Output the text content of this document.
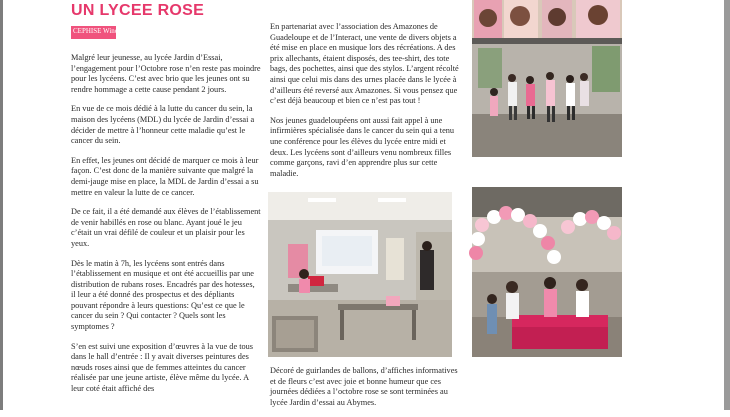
UN LYCEE ROSE
CEPHISE Winona

Malgré leur jeunesse, au lycée Jardin d’Essai, l’engagement pour l’Octobre rose n’en reste pas moindre pour les lycéens. C’est avec brio que les jeunes ont su rendre hommage a cette cause pendant 2 jours.

En vue de ce mois dédié à la lutte du cancer du sein, la maison des lycéens (MDL) du lycée de Jardin d’essai a décider de mettre à l’honneur cette maladie qu’est le cancer du sein.

En effet, les jeunes ont décidé de marquer ce mois à leur façon. C’est donc de la manière suivante que malgré la demi-jauge mise en place, la MDL de Jardin d’essai a su mettre en valeur la lutte de ce cancer.

De ce fait, il a été demandé aux élèves de l’établissement de venir habillés en rose ou blanc. Ayant joué le jeu c’était un vrai défilé de couleur et un plaisir pour les yeux.

Dès le matin à 7h, les lycéens sont entrés dans l’établissement en musique et ont été accueillis par une distribution de rubans roses. Encadrés par des hotesses, il leur a été donné des prospectus et des dépliants pouvant répondre à leurs questions: Qu’est ce que le cancer du sein ? Qui contacter ? Quels sont les symptomes ?

S’en est suivi une exposition d’œuvres à la vue de tous dans le hall d’entrée : Il y avait diverses peintures des nœuds roses ainsi que de femmes atteintes du cancer réalisée par une jeune artiste, élève même du lycée. A leur coté était affiché des

En partenariat avec l’association des Amazones de Guadeloupe et de l’Interact, une vente de divers objets a été mise en place en musique lors des récréations. A des prix allechants, étaient disposés, des tee-shirt, des tote bags, des pochettes, ainsi que des stylos. L’argent récolté ainsi que celui mis dans des urnes placée dans le lycée à d’ailleurs été reversé aux Amazones. Si vous pensez que c’est déjà beaucoup et bien ce n’est pas tout !

Nos jeunes guadeloupéens ont aussi fait appel à une infirmières spécialisée dans le cancer du sein qui a tenu une conférence pour les élèves du lycée entre midi et deux. Les lycéens sont d’ailleurs venu nombreux filles comme garçons, ravi d’en apprendre plus sur cette maladie.

Décoré de guirlandes de ballons, d’affiches informatives et de fleurs c’est avec joie et bonne humeur que ces journées dédiées a l’octobre rose se sont terminées au lycée Jardin d’essai au Abymes.
